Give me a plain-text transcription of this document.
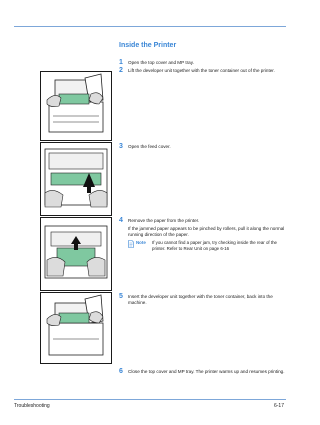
Inside the Printer
1 Open the top cover and MP tray.
2 Lift the developer unit together with the toner container out of the printer.
3 Open the feed cover.
4 Remove the paper from the printer.
If the jammed paper appears to be pinched by rollers, pull it along the normal running direction of the paper.
Note If you cannot find a paper jam, try checking inside the rear of the printer. Refer to Rear Unit on page 6-16
5 Insert the developer unit together with the toner container, back into the machine.
6 Close the top cover and MP tray. The printer warms up and resumes printing.
Troubleshooting	6-17
